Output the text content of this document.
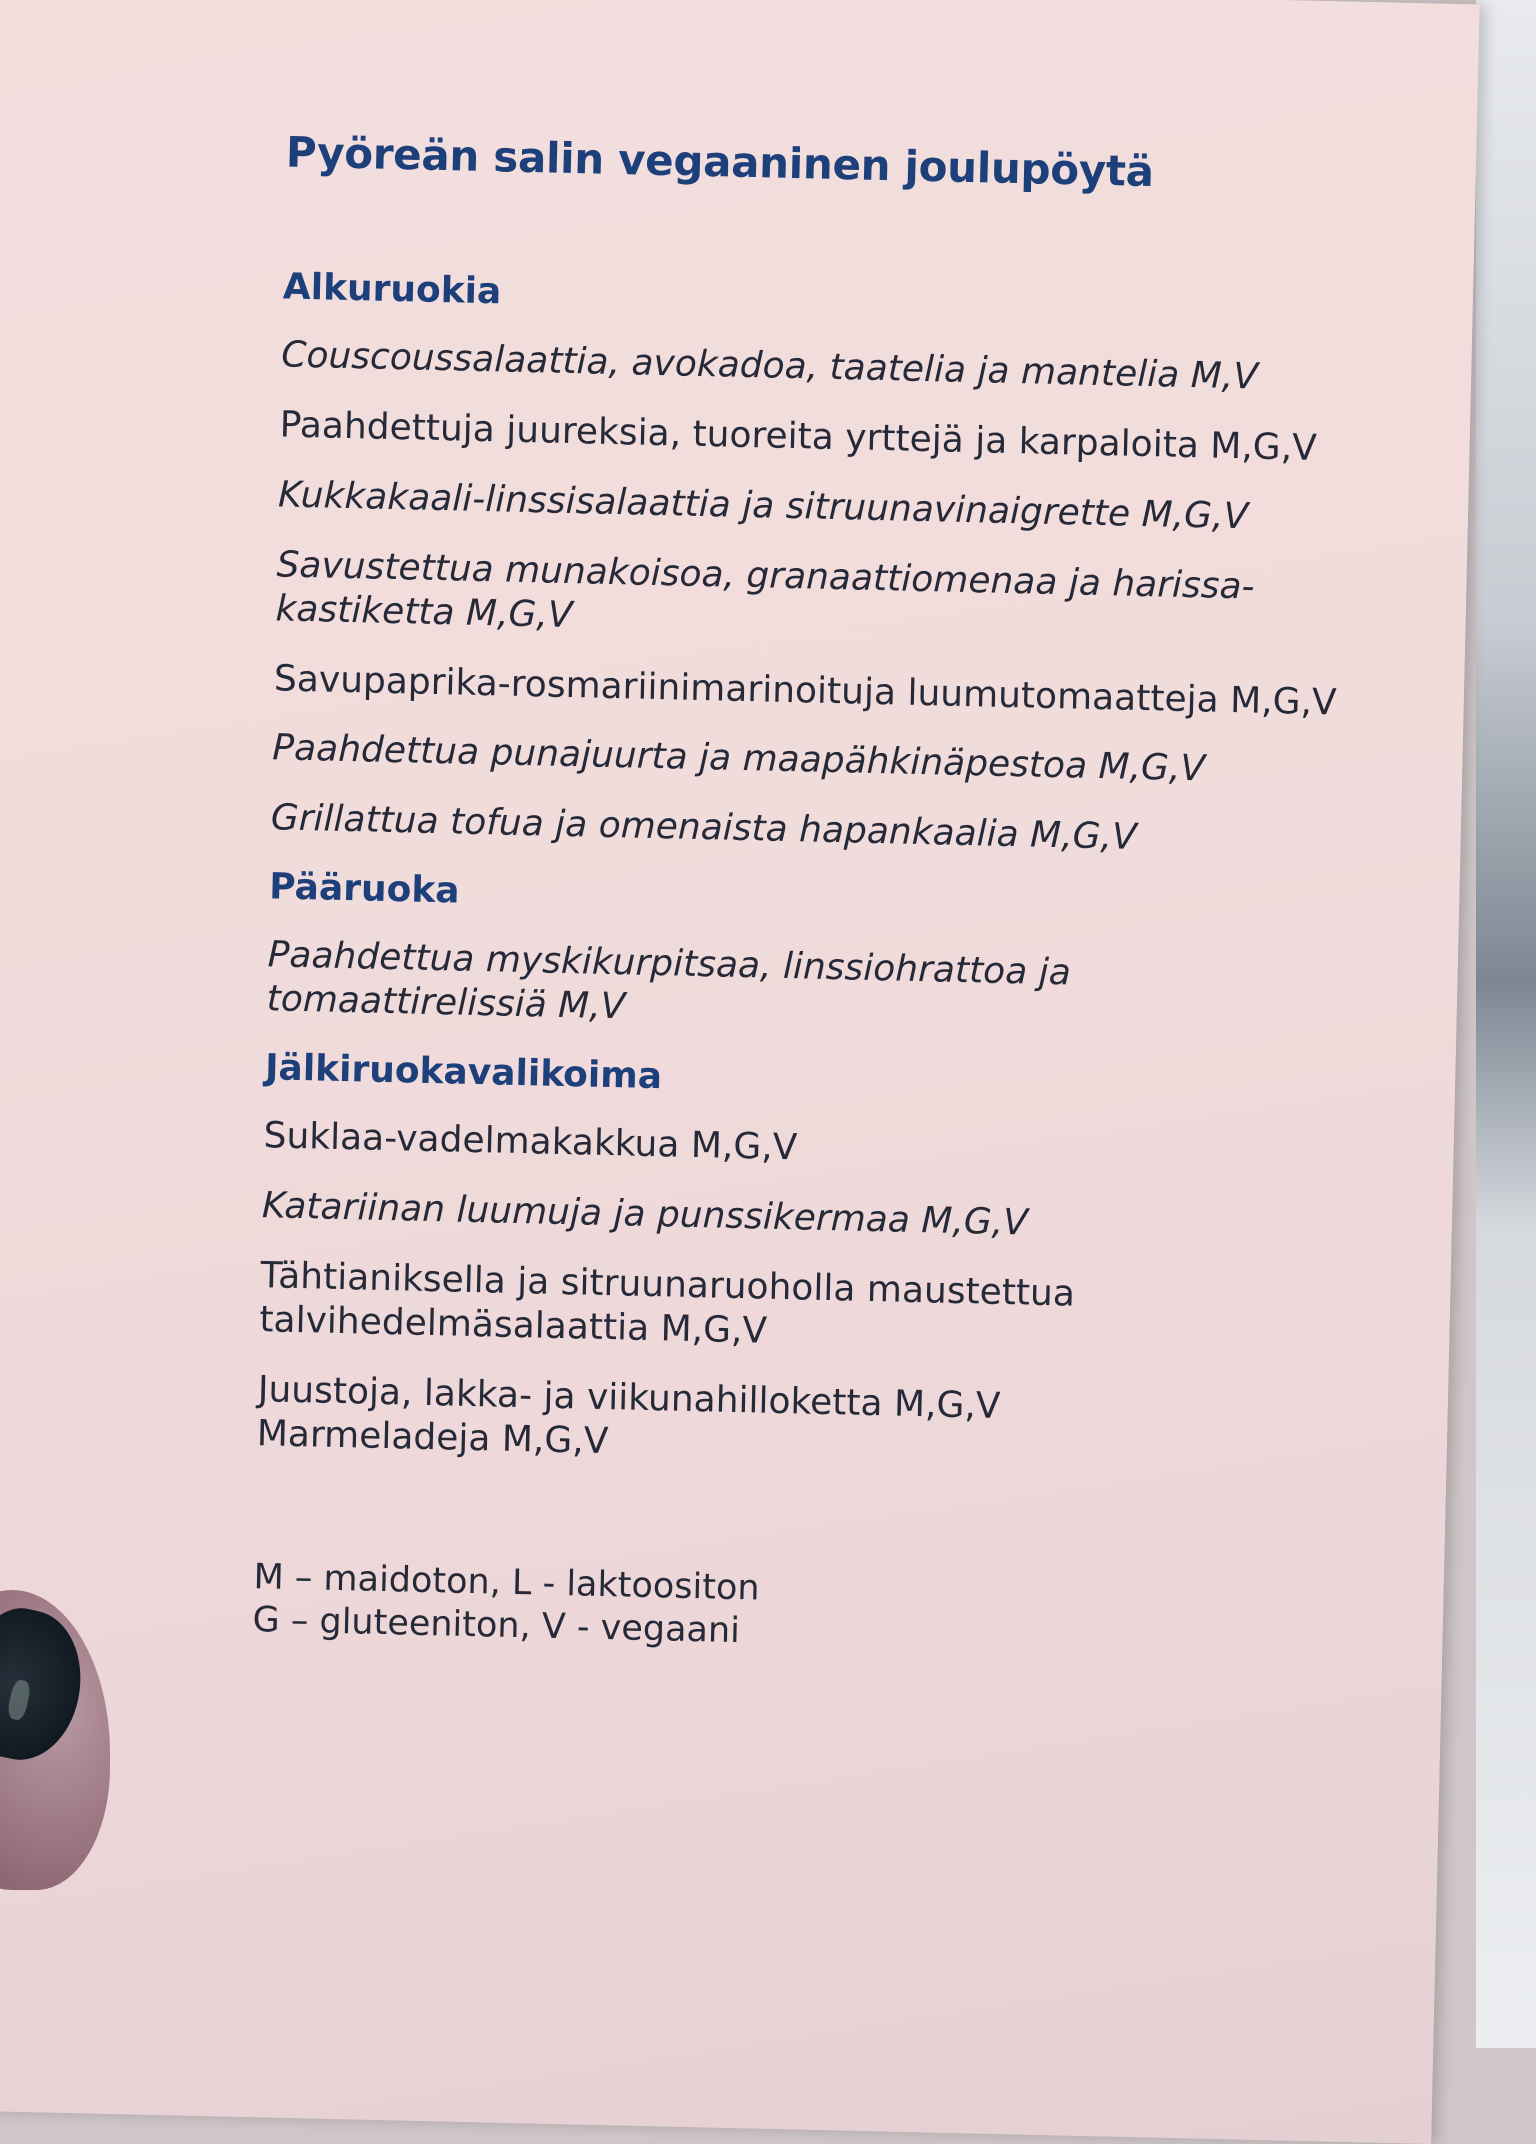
Pyöreän salin vegaaninen joulupöytä
Alkuruokia
Couscoussalaattia, avokadoa, taatelia ja mantelia M,V
Paahdettuja juureksia, tuoreita yrttejä ja karpaloita M,G,V
Kukkakaali-linssisalaattia ja sitruunavinaigrette M,G,V
Savustettua munakoisoa, granaattiomenaa ja harissa-kastiketta M,G,V
Savupaprika-rosmariinimarinoituja luumutomaatteja M,G,V
Paahdettua punajuurta ja maapähkinäpestoa M,G,V
Grillattua tofua ja omenaista hapankaalia M,G,V
Pääruoka
Paahdettua myskikurpitsaa, linssiohrattoa ja tomaattirelissiä M,V
Jälkiruokavalikoima
Suklaa-vadelmakakkua M,G,V
Katariinan luumuja ja punssikermaa M,G,V
Tähtianiksella ja sitruunaruoholla maustettua talvihedelmäsalaattia M,G,V
Juustoja, lakka- ja viikunahilloketta M,G,V
Marmeladeja M,G,V
M – maidoton, L - laktoositon
G – gluteeniton, V - vegaani
